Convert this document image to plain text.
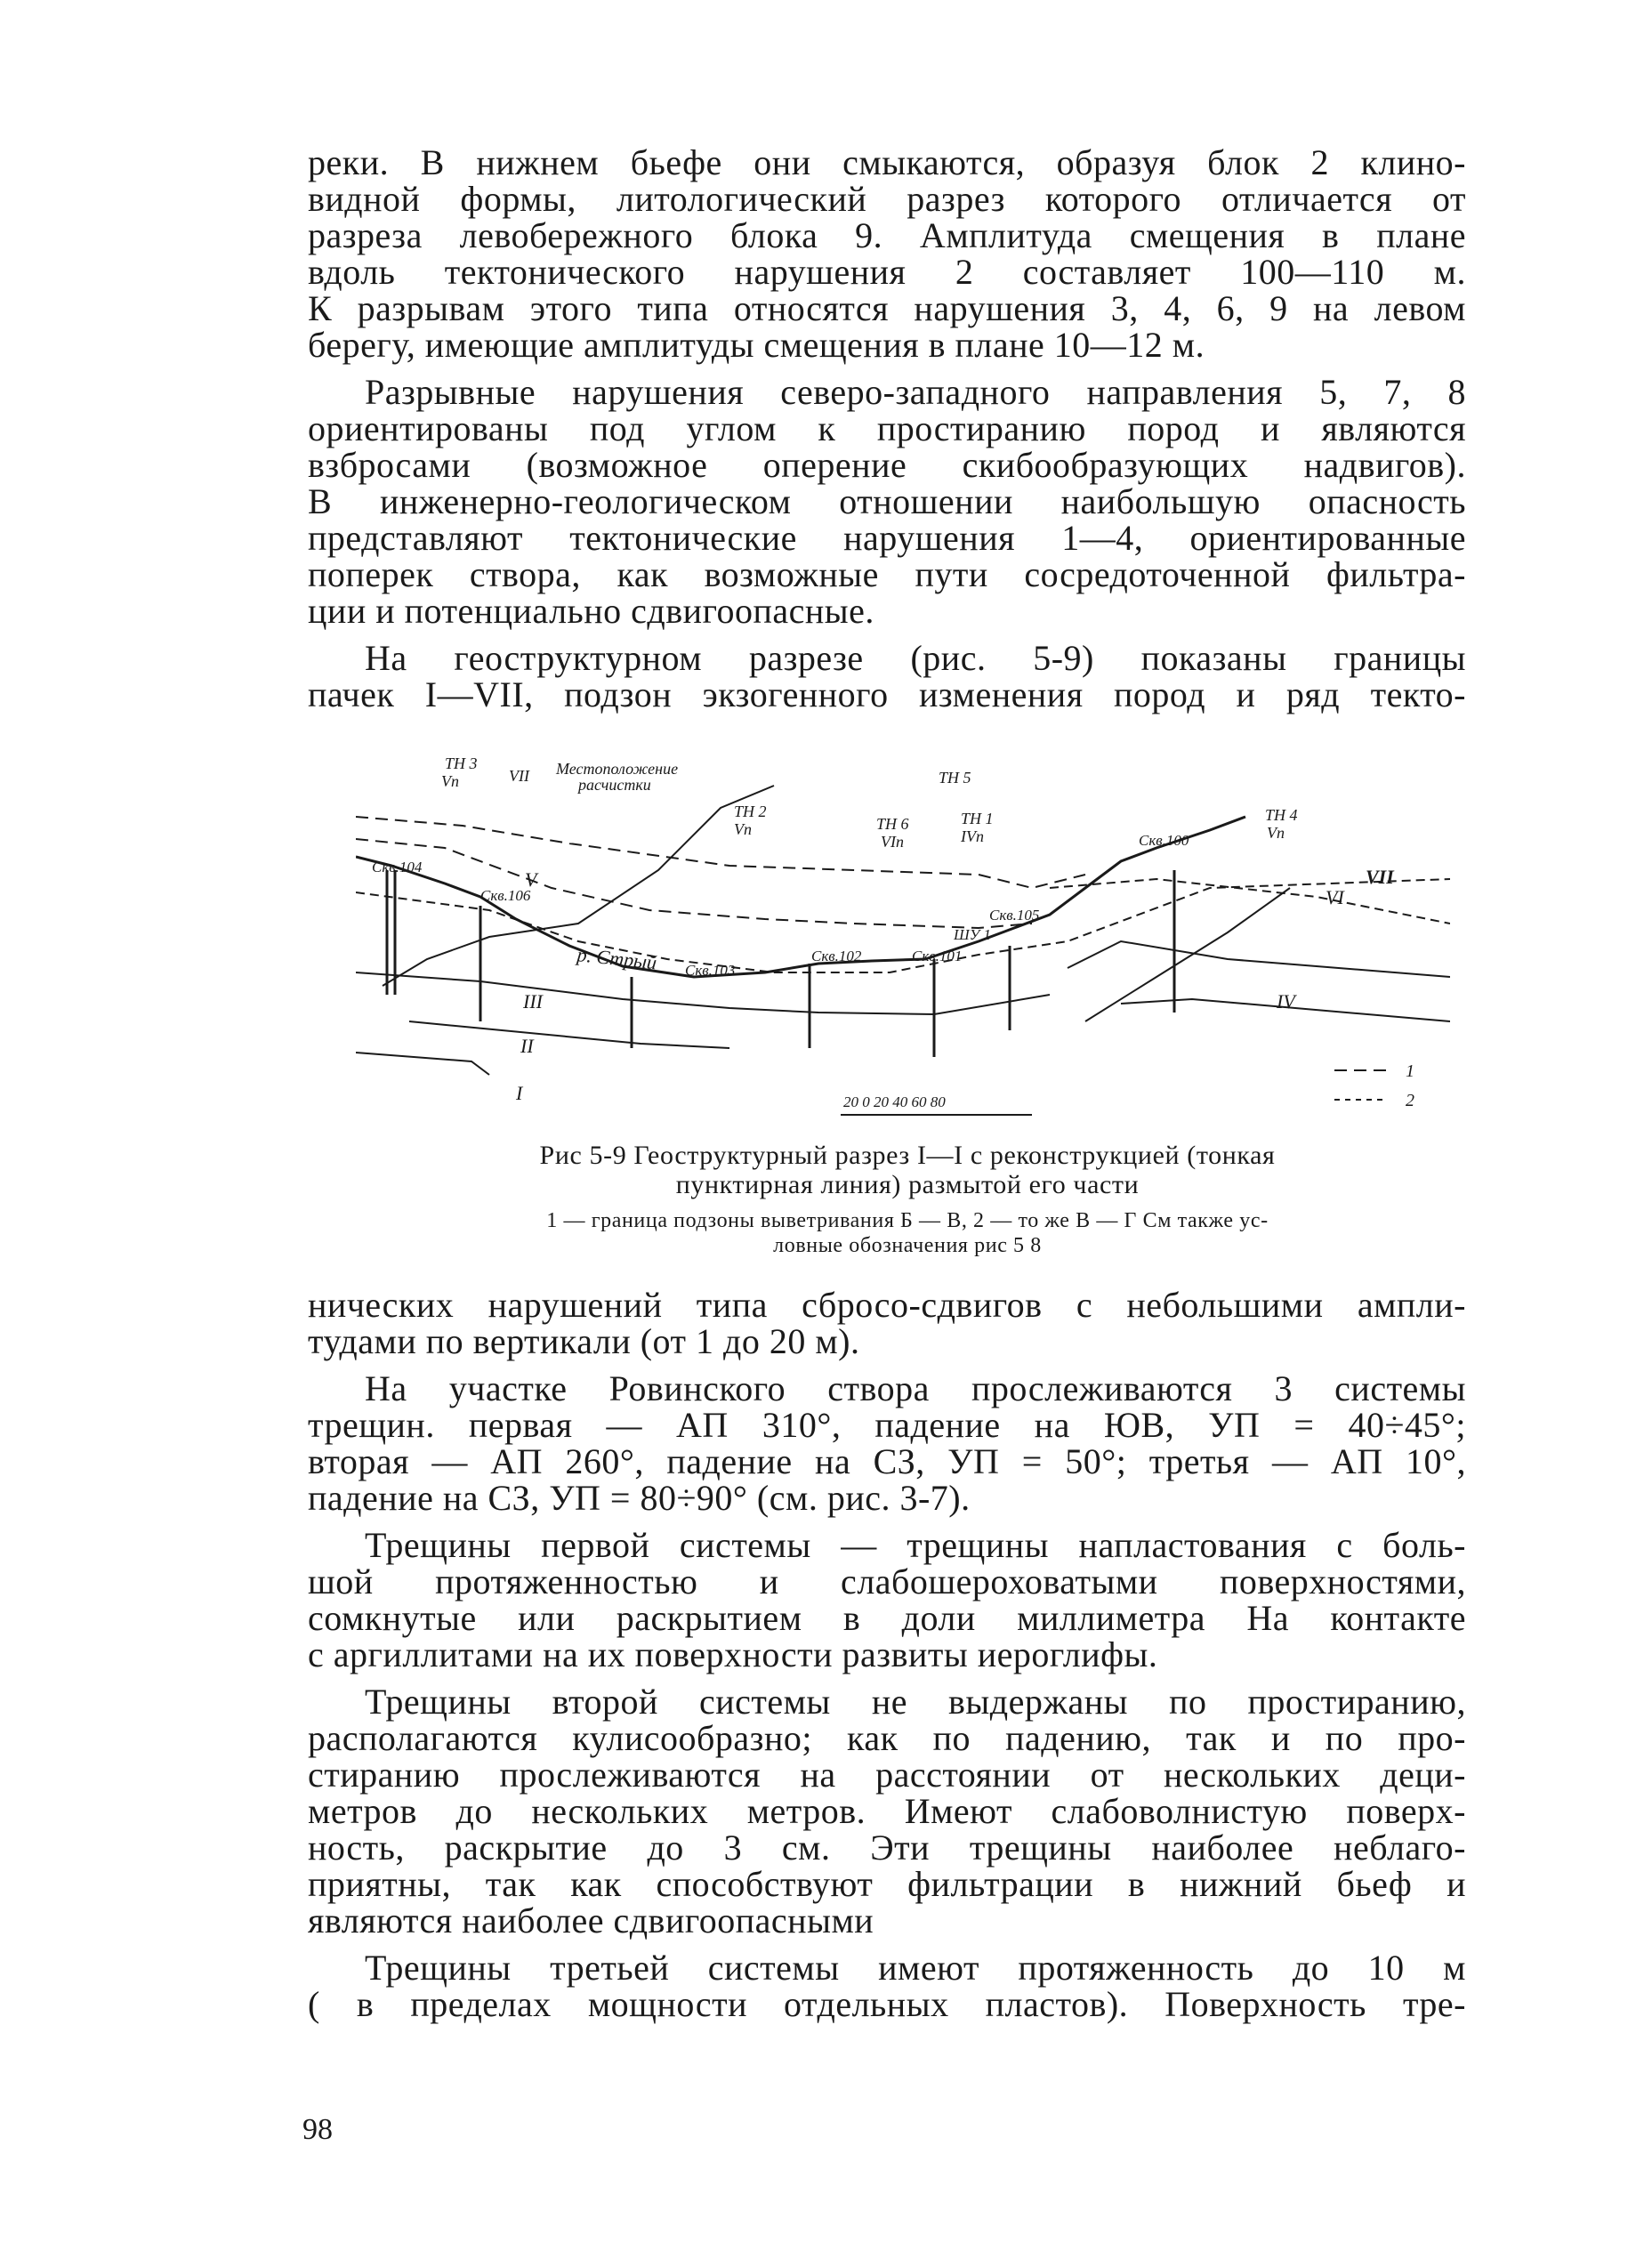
реки. В нижнем бьефе они смыкаются, образуя блок 2 клино-
видной формы, литологический разрез которого отличается от
разреза левобережного блока 9. Амплитуда смещения в плане
вдоль тектонического нарушения 2 составляет 100—110 м.
К разрывам этого типа относятся нарушения 3, 4, 6, 9 на левом
берегу, имеющие амплитуды смещения в плане 10—12 м.
Разрывные нарушения северо-западного направления 5, 7, 8
ориентированы под углом к простиранию пород и являются
взбросами (возможное оперение скибообразующих надвигов).
В инженерно-геологическом отношении наибольшую опасность
представляют тектонические нарушения 1—4, ориентированные
поперек створа, как возможные пути сосредоточенной фильтра-
ции и потенциально сдвигоопасные.
На геоструктурном разрезе (рис. 5-9) показаны границы
пачек I—VII, подзон экзогенного изменения пород и ряд текто-
ТН 3
Vп	VII Местоположение
расчистки	ТН 5
ТН 2
Vп	ТН 6
VIп
ТН 1
IVп
ТН 4
Vп
Скв.104
Скв.106
Скв.103
Скв.102	Скв.101
Скв.105
Скв.100
ШУ 1
р. Стрый
I
II
III	IV
V
VI
VII
20 0 20 40 60 80
1
2
Рис 5-9 Геоструктурный разрез I—I с реконструкцией (тонкая
пунктирная линия) размытой его части
1 — граница подзоны выветривания Б — В, 2 — то же В — Г См также ус-
ловные обозначения рис 5 8
нических нарушений типа сбросо-сдвигов с небольшими ампли-
тудами по вертикали (от 1 до 20 м).
На участке Ровинского створа прослеживаются 3 системы
трещин. первая — АП 310°, падение на ЮВ, УП = 40÷45°;
вторая — АП 260°, падение на СЗ, УП = 50°; третья — АП 10°,
падение на СЗ, УП = 80÷90° (см. рис. 3-7).
Трещины первой системы — трещины напластования с боль-
шой протяженностью и слабошероховатыми поверхностями,
сомкнутые или раскрытием в доли миллиметра На контакте
с аргиллитами на их поверхности развиты иероглифы.
Трещины второй системы не выдержаны по простиранию,
располагаются кулисообразно; как по падению, так и по про-
стиранию прослеживаются на расстоянии от нескольких деци-
метров до нескольких метров. Имеют слабоволнистую поверх-
ность, раскрытие до 3 см. Эти трещины наиболее неблаго-
приятны, так как способствуют фильтрации в нижний бьеф и
являются наиболее сдвигоопасными
Трещины третьей системы имеют протяженность до 10 м
( в пределах мощности отдельных пластов). Поверхность тре-
98
